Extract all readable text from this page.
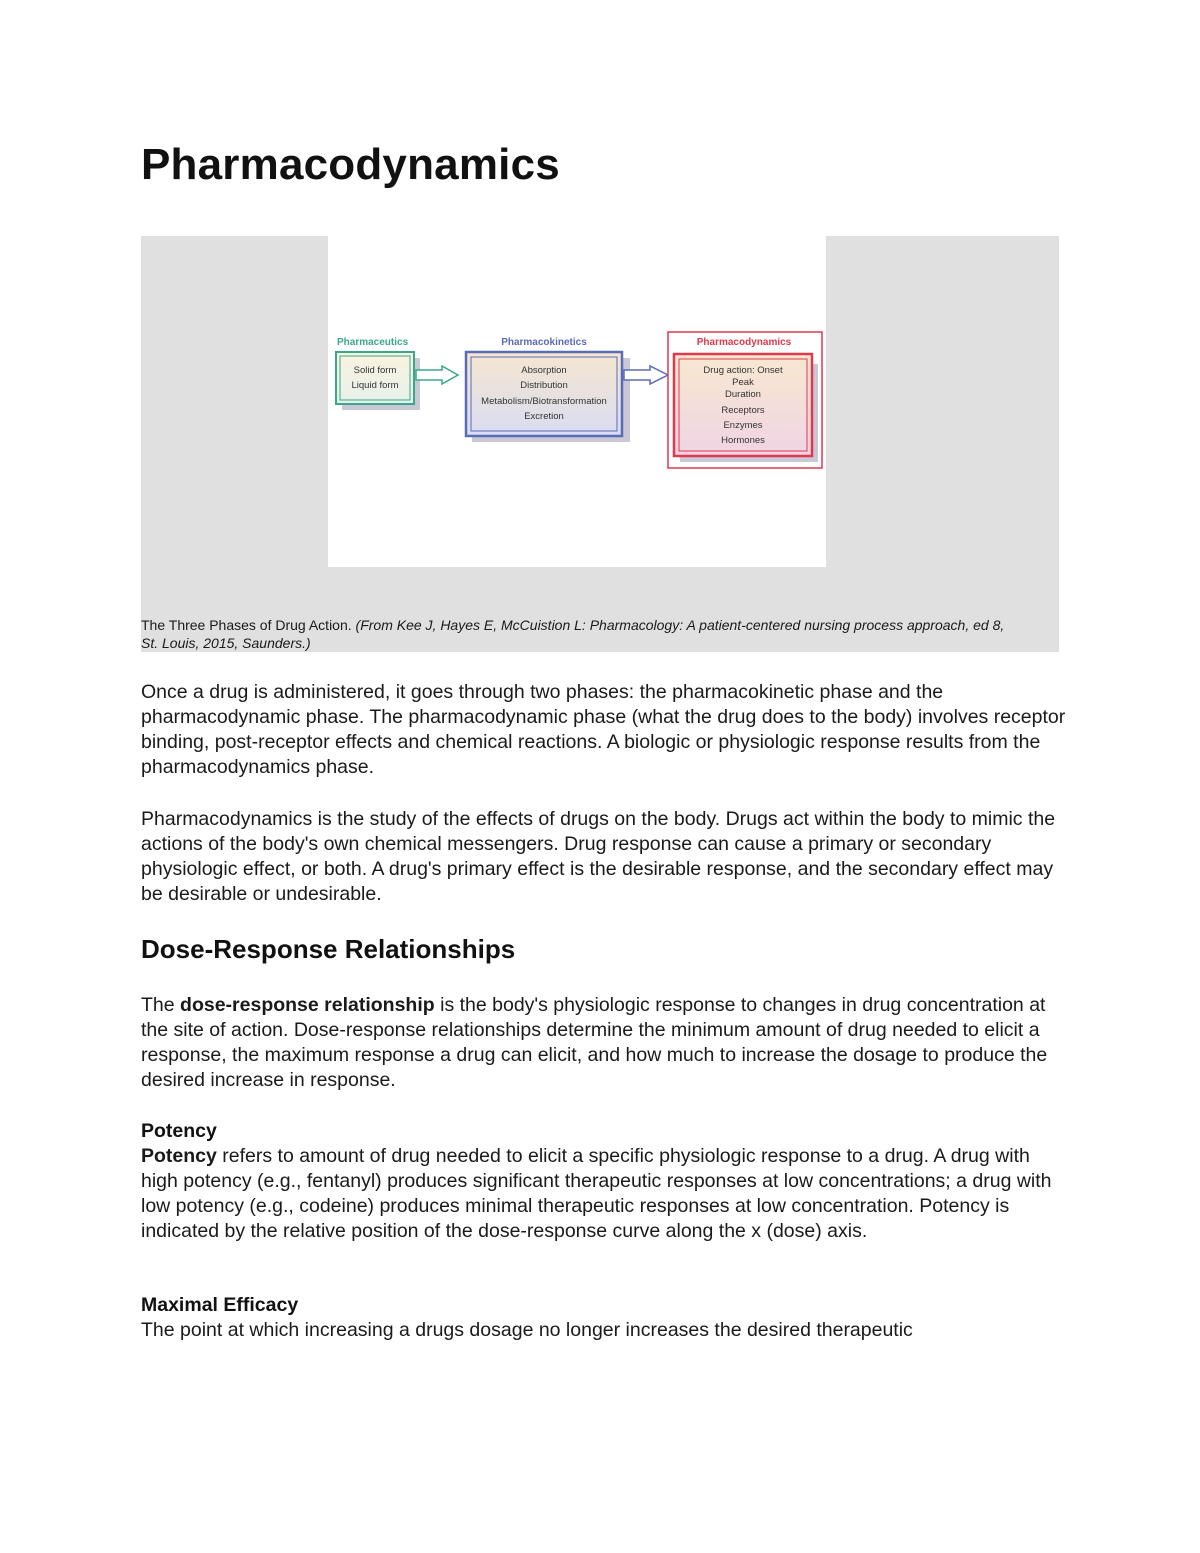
Pharmacodynamics
Pharmaceutics
Solid form
Liquid form
Pharmacokinetics
Absorption
Distribution
Metabolism/Biotransformation
Excretion
Pharmacodynamics
Drug action: Onset
Peak
Duration
Receptors
Enzymes
Hormones
The Three Phases of Drug Action. (From Kee J, Hayes E, McCuistion L: Pharmacology: A patient-centered nursing process approach, ed 8, St. Louis, 2015, Saunders.)

Once a drug is administered, it goes through two phases: the pharmacokinetic phase and the pharmacodynamic phase. The pharmacodynamic phase (what the drug does to the body) involves receptor binding, post-receptor effects and chemical reactions. A biologic or physiologic response results from the pharmacodynamics phase.

Pharmacodynamics is the study of the effects of drugs on the body. Drugs act within the body to mimic the actions of the body's own chemical messengers. Drug response can cause a primary or secondary physiologic effect, or both. A drug's primary effect is the desirable response, and the secondary effect may be desirable or undesirable.

Dose-Response Relationships

The dose-response relationship is the body's physiologic response to changes in drug concentration at the site of action. Dose-response relationships determine the minimum amount of drug needed to elicit a response, the maximum response a drug can elicit, and how much to increase the dosage to produce the desired increase in response.

Potency

Potency refers to amount of drug needed to elicit a specific physiologic response to a drug. A drug with high potency (e.g., fentanyl) produces significant therapeutic responses at low concentrations; a drug with low potency (e.g., codeine) produces minimal therapeutic responses at low concentration. Potency is indicated by the relative position of the dose-response curve along the x (dose) axis.

Maximal Efficacy

The point at which increasing a drugs dosage no longer increases the desired therapeutic
